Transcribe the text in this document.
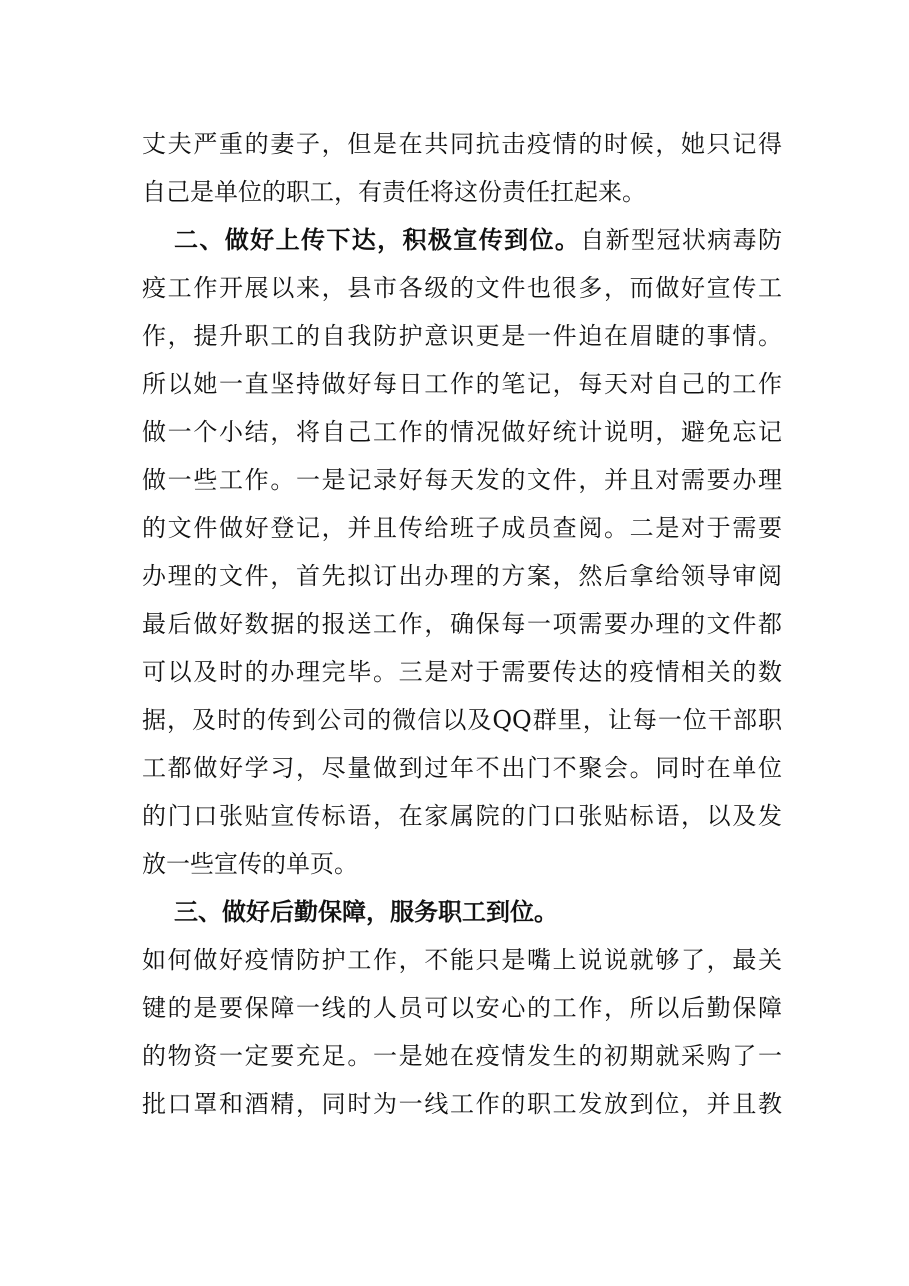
丈夫严重的妻子，但是在共同抗击疫情的时候，她只记得
自己是单位的职工，有责任将这份责任扛起来。
二、做好上传下达，积极宣传到位。自新型冠状病毒防
疫工作开展以来，县市各级的文件也很多，而做好宣传工
作，提升职工的自我防护意识更是一件迫在眉睫的事情。
所以她一直坚持做好每日工作的笔记，每天对自己的工作
做一个小结，将自己工作的情况做好统计说明，避免忘记
做一些工作。一是记录好每天发的文件，并且对需要办理
的文件做好登记，并且传给班子成员查阅。二是对于需要
办理的文件，首先拟订出办理的方案，然后拿给领导审阅
最后做好数据的报送工作，确保每一项需要办理的文件都
可以及时的办理完毕。三是对于需要传达的疫情相关的数
据，及时的传到公司的微信以及QQ群里，让每一位干部职
工都做好学习，尽量做到过年不出门不聚会。同时在单位
的门口张贴宣传标语，在家属院的门口张贴标语，以及发
放一些宣传的单页。
三、做好后勤保障，服务职工到位。
如何做好疫情防护工作，不能只是嘴上说说就够了，最关
键的是要保障一线的人员可以安心的工作，所以后勤保障
的物资一定要充足。一是她在疫情发生的初期就采购了一
批口罩和酒精，同时为一线工作的职工发放到位，并且教
